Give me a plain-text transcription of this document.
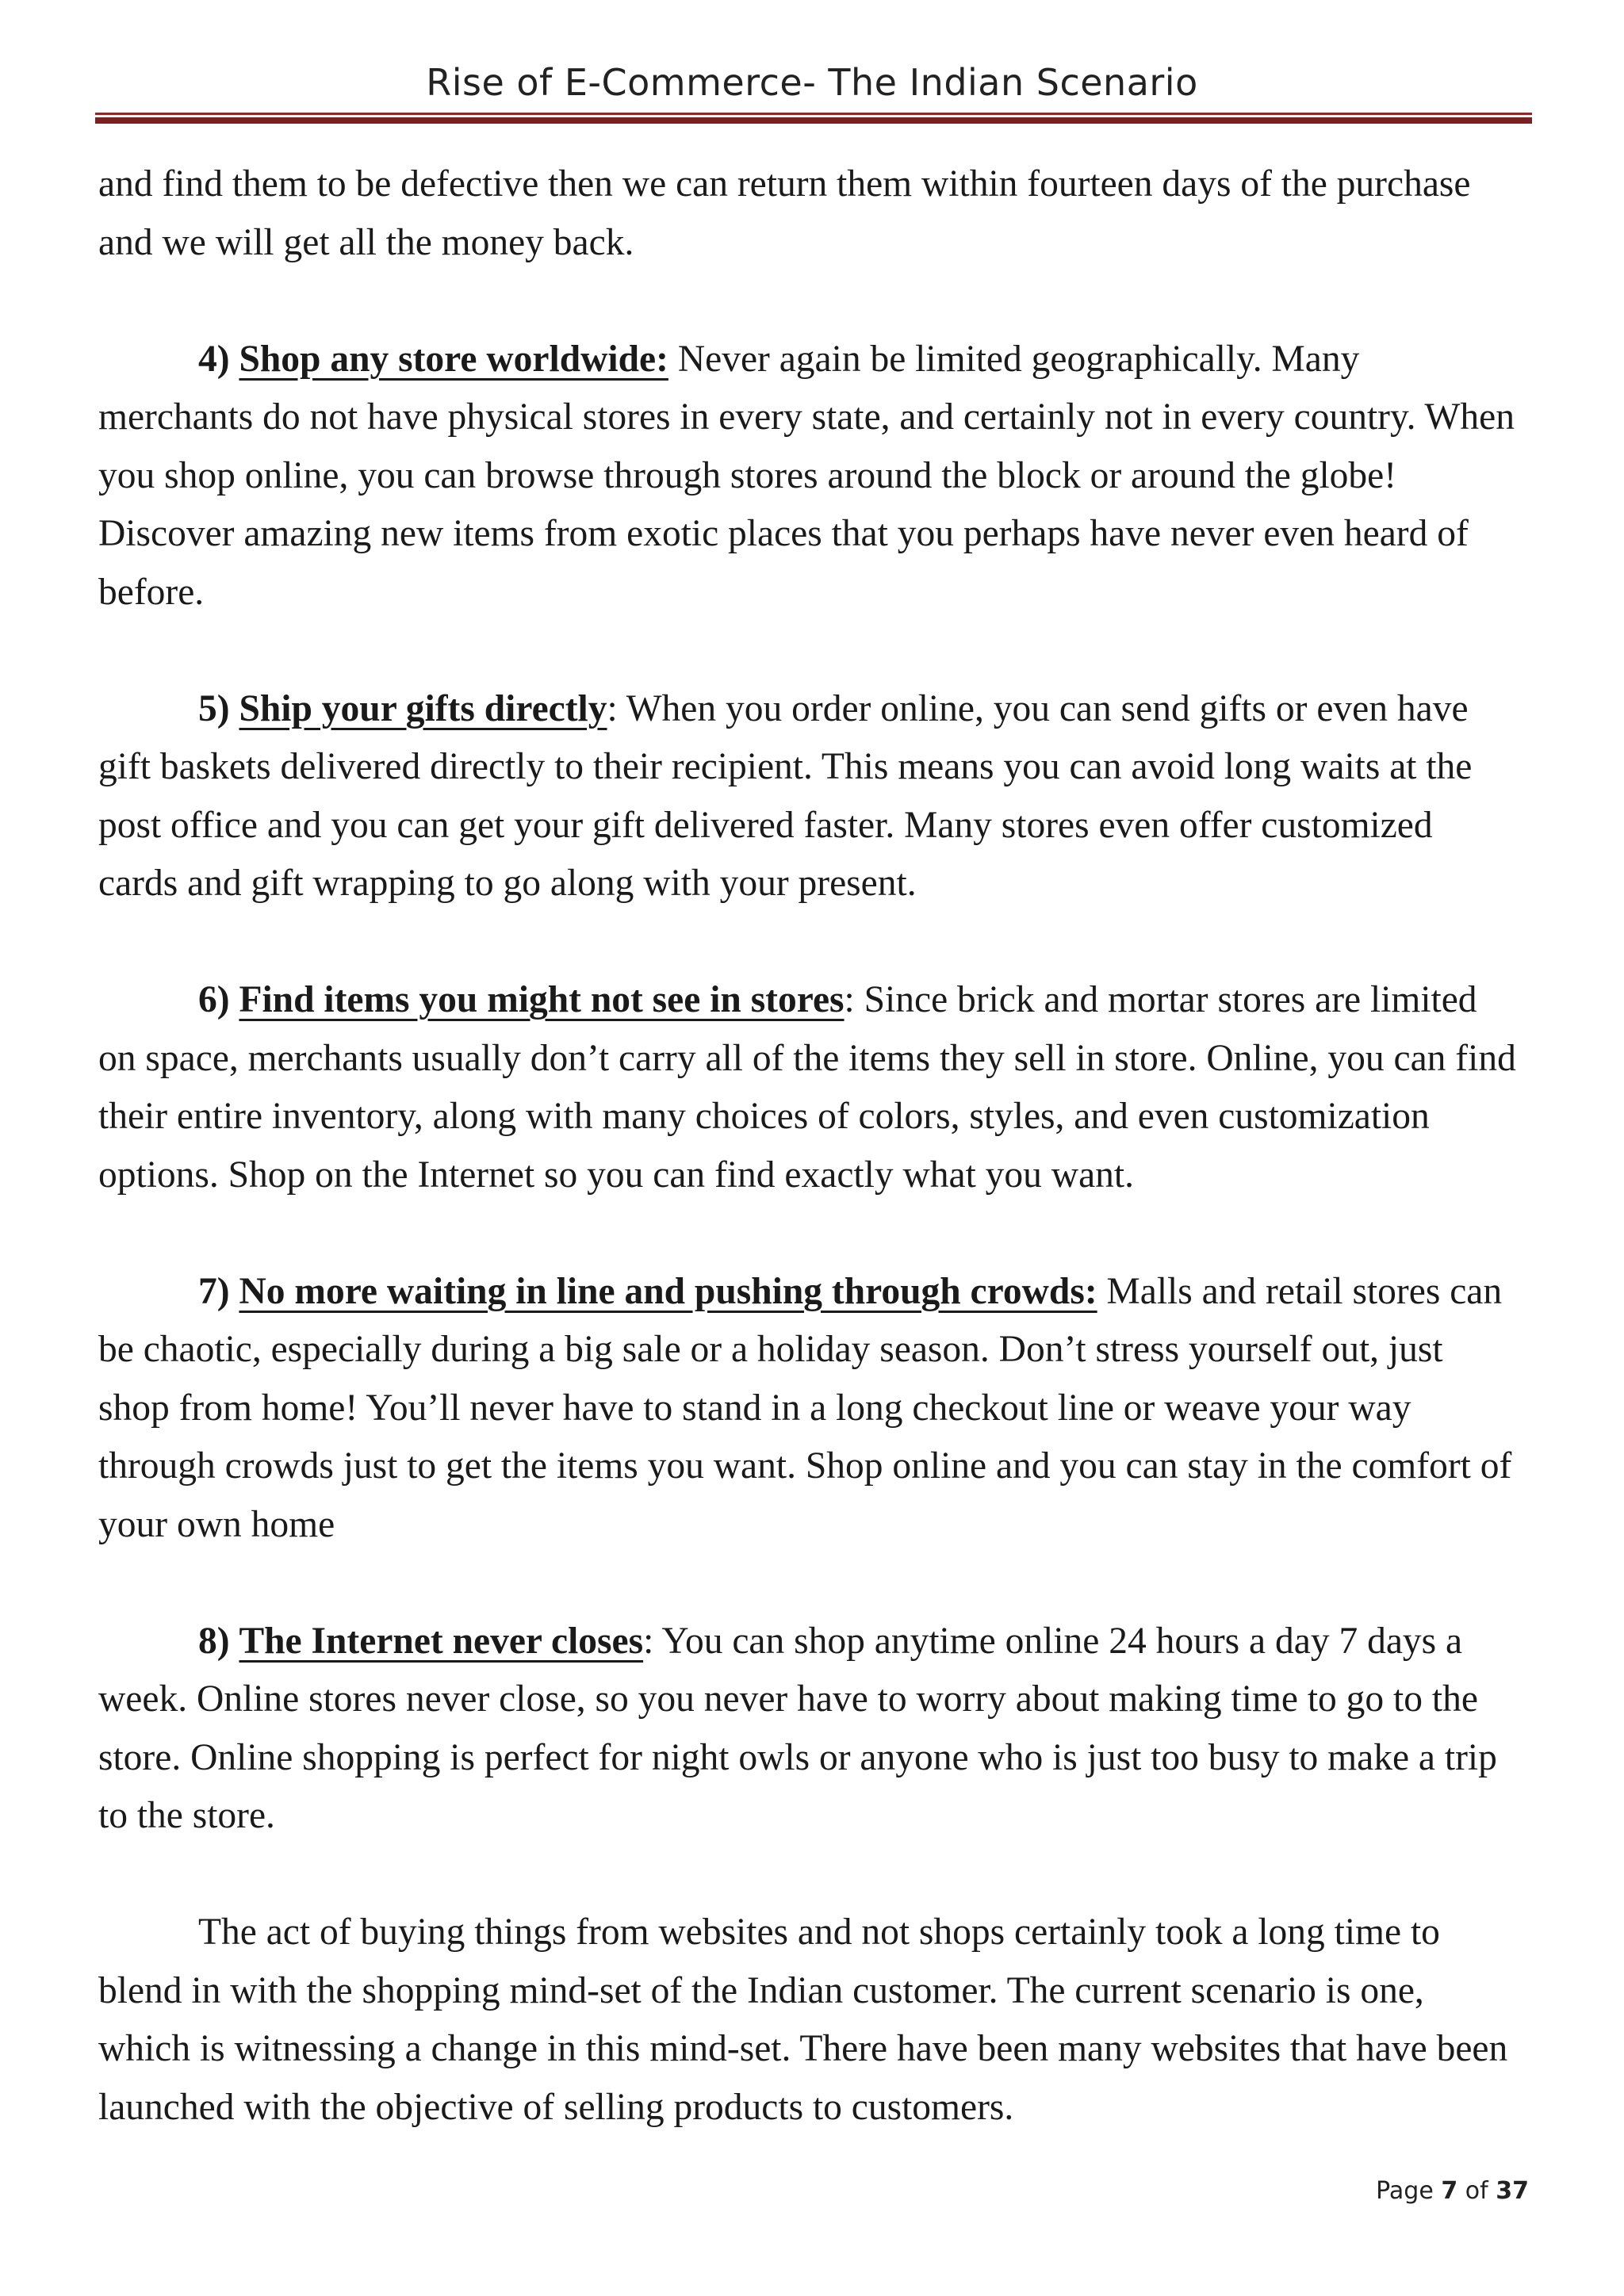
Rise of E-Commerce- The Indian Scenario

and find them to be defective then we can return them within fourteen days of the purchase and we will get all the money back.

4) Shop any store worldwide: Never again be limited geographically. Many merchants do not have physical stores in every state, and certainly not in every country. When you shop online, you can browse through stores around the block or around the globe! Discover amazing new items from exotic places that you perhaps have never even heard of before.

5) Ship your gifts directly: When you order online, you can send gifts or even have gift baskets delivered directly to their recipient. This means you can avoid long waits at the post office and you can get your gift delivered faster. Many stores even offer customized cards and gift wrapping to go along with your present.

6) Find items you might not see in stores: Since brick and mortar stores are limited on space, merchants usually don’t carry all of the items they sell in store. Online, you can find their entire inventory, along with many choices of colors, styles, and even customization options. Shop on the Internet so you can find exactly what you want.

7) No more waiting in line and pushing through crowds: Malls and retail stores can be chaotic, especially during a big sale or a holiday season. Don’t stress yourself out, just shop from home! You’ll never have to stand in a long checkout line or weave your way through crowds just to get the items you want. Shop online and you can stay in the comfort of your own home

8) The Internet never closes: You can shop anytime online 24 hours a day 7 days a week. Online stores never close, so you never have to worry about making time to go to the store. Online shopping is perfect for night owls or anyone who is just too busy to make a trip to the store.

The act of buying things from websites and not shops certainly took a long time to blend in with the shopping mind-set of the Indian customer. The current scenario is one, which is witnessing a change in this mind-set. There have been many websites that have been launched with the objective of selling products to customers.

Page 7 of 37
